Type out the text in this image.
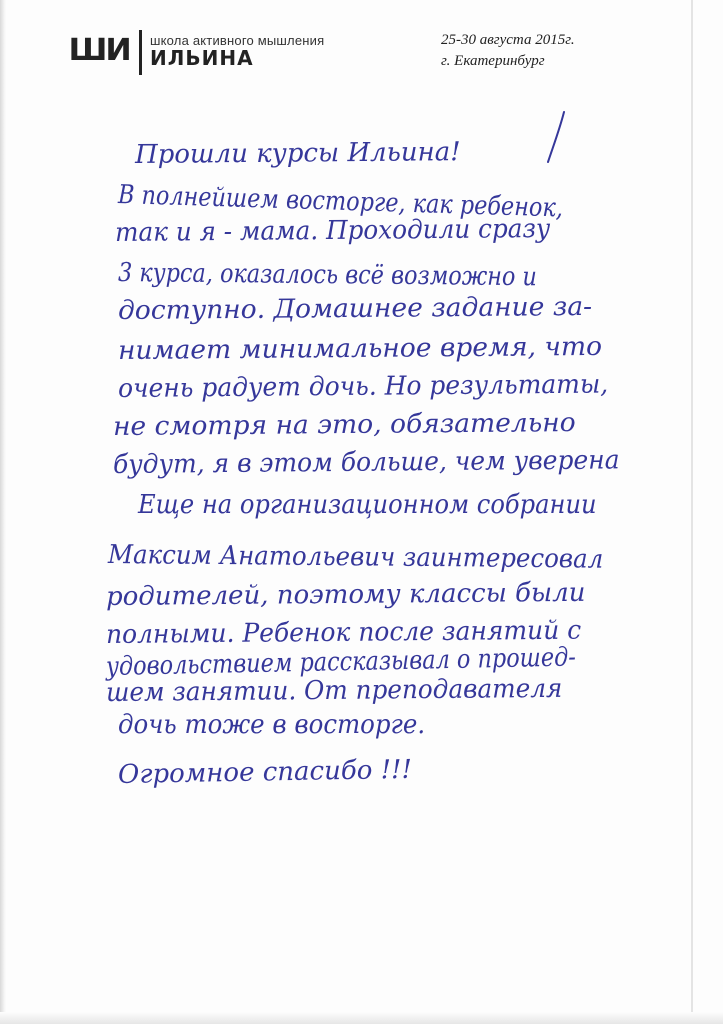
ШИ школа активного мышления
ИЛЬИНА
25-30 августа 2015г.
г. Екатеринбург
Прошли курсы Ильина!
В полнейшем восторге, как ребенок,
так и я - мама. Проходили сразу
3 курса, оказалось всё возможно и
доступно. Домашнее задание за-
нимает минимальное время, что
очень радует дочь. Но результаты,
не смотря на это, обязательно
будут, я в этом больше, чем уверена
Еще на организационном собрании
Максим Анатольевич заинтересовал
родителей, поэтому классы были
полными. Ребенок после занятий с
удовольствием рассказывал о прошед-
шем занятии. От преподавателя
дочь тоже в восторге.
Огромное спасибо !!!
